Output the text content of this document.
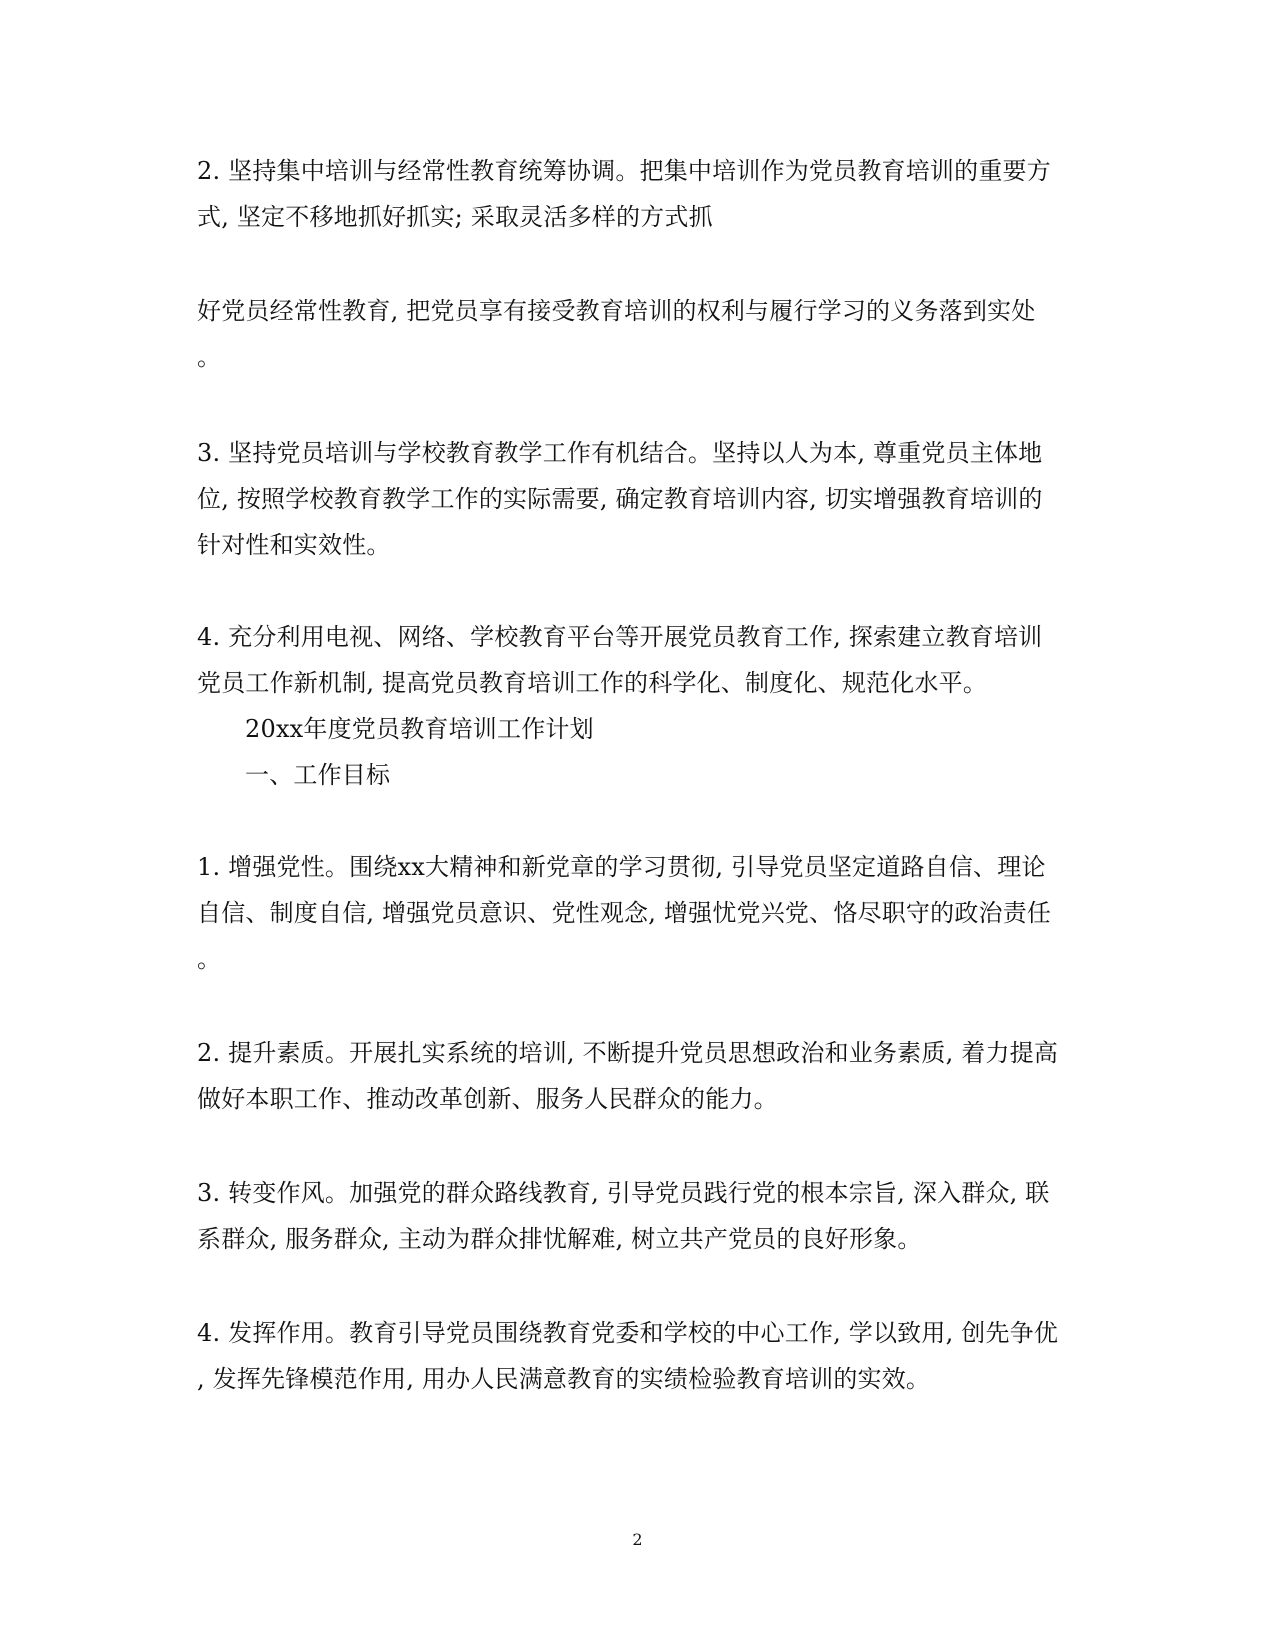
2. 坚持集中培训与经常性教育统筹协调。把集中培训作为党员教育培训的重要方
式, 坚定不移地抓好抓实; 采取灵活多样的方式抓
好党员经常性教育, 把党员享有接受教育培训的权利与履行学习的义务落到实处
。
3. 坚持党员培训与学校教育教学工作有机结合。坚持以人为本, 尊重党员主体地
位, 按照学校教育教学工作的实际需要, 确定教育培训内容, 切实增强教育培训的
针对性和实效性。
4. 充分利用电视、网络、学校教育平台等开展党员教育工作, 探索建立教育培训
党员工作新机制, 提高党员教育培训工作的科学化、制度化、规范化水平。
20xx年度党员教育培训工作计划
一、工作目标
1. 增强党性。围绕xx大精神和新党章的学习贯彻, 引导党员坚定道路自信、理论
自信、制度自信, 增强党员意识、党性观念, 增强忧党兴党、恪尽职守的政治责任
。
2. 提升素质。开展扎实系统的培训, 不断提升党员思想政治和业务素质, 着力提高
做好本职工作、推动改革创新、服务人民群众的能力。
3. 转变作风。加强党的群众路线教育, 引导党员践行党的根本宗旨, 深入群众, 联
系群众, 服务群众, 主动为群众排忧解难, 树立共产党员的良好形象。
4. 发挥作用。教育引导党员围绕教育党委和学校的中心工作, 学以致用, 创先争优
, 发挥先锋模范作用, 用办人民满意教育的实绩检验教育培训的实效。
2
